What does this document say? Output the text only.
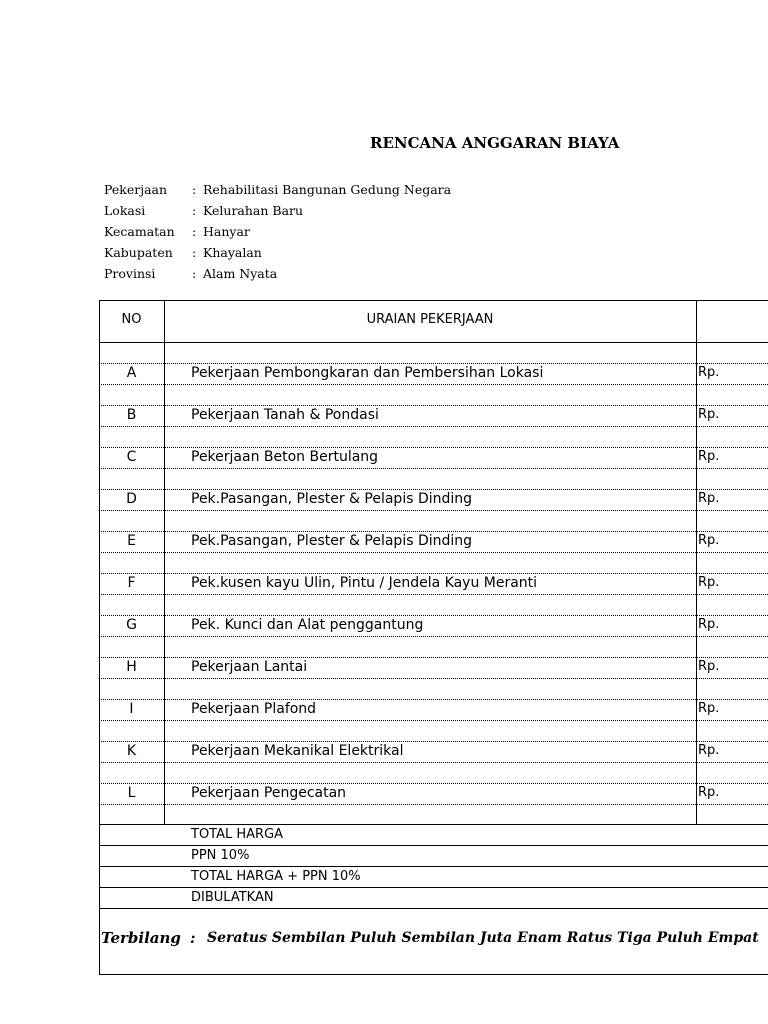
RENCANA ANGGARAN BIAYA
Pekerjaan : Rehabilitasi Bangunan Gedung Negara
Lokasi	: Kelurahan Baru
Kecamatan : Hanyar
Kabupaten : Khayalan
Provinsi	: Alam Nyata
NO	URAIAN PEKERJAAN
A	Pekerjaan Pembongkaran dan Pembersihan Lokasi	Rp.
B	Pekerjaan Tanah & Pondasi	Rp.
C	Pekerjaan Beton Bertulang	Rp.
D	Pek.Pasangan, Plester & Pelapis Dinding	Rp.
E	Pek.Pasangan, Plester & Pelapis Dinding	Rp.
F	Pek.kusen kayu Ulin, Pintu / Jendela Kayu Meranti	Rp.
G	Pek. Kunci dan Alat penggantung	Rp.
H	Pekerjaan Lantai	Rp.
I	Pekerjaan Plafond	Rp.
K	Pekerjaan Mekanikal Elektrikal	Rp.
L	Pekerjaan Pengecatan	Rp.
TOTAL HARGA
PPN 10%
TOTAL HARGA + PPN 10%
DIBULATKAN
Terbilang : Seratus Sembilan Puluh Sembilan Juta Enam Ratus Tiga Puluh Empat
